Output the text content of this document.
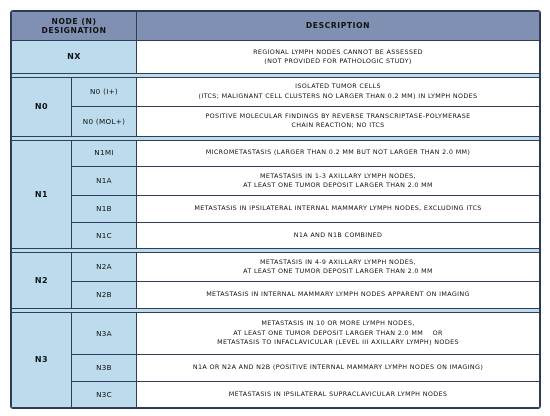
NODE (N)
DESIGNATION		DESCRIPTION
NX		REGIONAL LYMPH NODES CANNOT BE ASSESSED
(NOT PROVIDED FOR PATHOLOGIC STUDY)

N0	N0 (I+)	ISOLATED TUMOR CELLS
(ITCS; MALIGNANT CELL CLUSTERS NO LARGER THAN 0.2 MM) IN LYMPH NODES

	N0 (MOL+)	POSITIVE MOLECULAR FINDINGS BY REVERSE TRANSCRIPTASE-POLYMERASE
CHAIN REACTION; NO ITCS

N1	N1MI	MICROMETASTASIS (LARGER THAN 0.2 MM BUT NOT LARGER THAN 2.0 MM)
	N1A	METASTASIS IN 1-3 AXILLARY LYMPH NODES,
AT LEAST ONE TUMOR DEPOSIT LARGER THAN 2.0 MM

	N1B	METASTASIS IN IPSILATERAL INTERNAL MAMMARY LYMPH NODES, EXCLUDING ITCS
	N1C	N1A AND N1B COMBINED

N2	N2A	METASTASIS IN 4-9 AXILLARY LYMPH NODES,
AT LEAST ONE TUMOR DEPOSIT LARGER THAN 2.0 MM

	N2B	METASTASIS IN INTERNAL MAMMARY LYMPH NODES APPARENT ON IMAGING

N3	N3A	METASTASIS IN 10 OR MORE LYMPH NODES,
AT LEAST ONE TUMOR DEPOSIT LARGER THAN 2.0 MM    OR
METASTASIS TO INFACLAVICULAR (LEVEL III AXILLARY LYMPH) NODES

	N3B	N1A OR N2A AND N2B (POSITIVE INTERNAL MAMMARY LYMPH NODES ON IMAGING)
	N3C	METASTASIS IN IPSILATERAL SUPRACLAVICULAR LYMPH NODES
